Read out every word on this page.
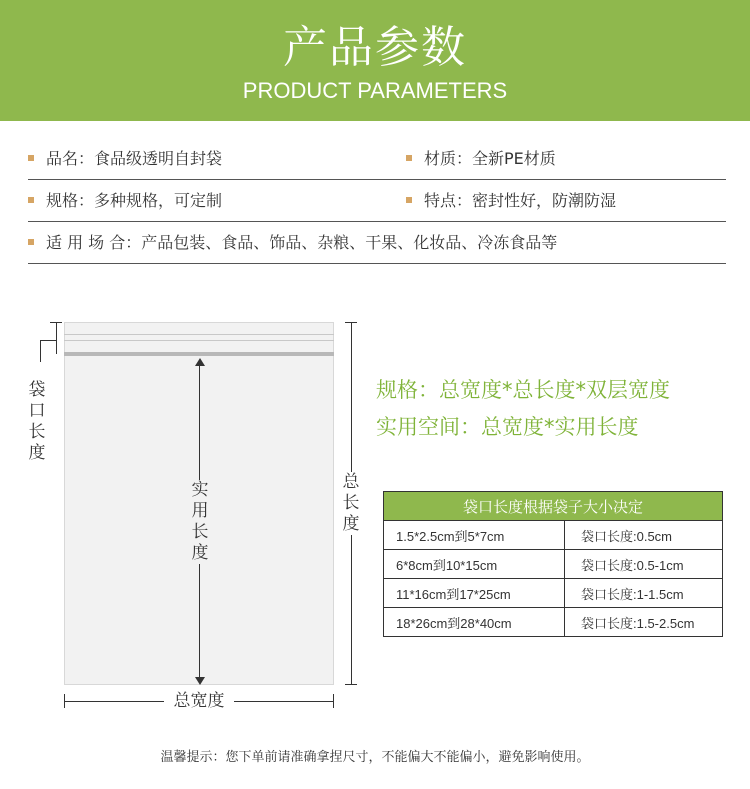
产品参数
PRODUCT PARAMETERS
品名：食品级透明自封袋	材质：全新PE材质
规格：多种规格，可定制	特点：密封性好，防潮防湿
适 用 场 合：产品包装、食品、饰品、杂粮、干果、化妆品、冷冻食品等
袋口长度
实用长度
总长度
总宽度
规格：总宽度*总长度*双层宽度
实用空间：总宽度*实用长度
袋口长度根据袋子大小决定	
1.5*2.5cm到5*7cm	袋口长度:0.5cm
6*8cm到10*15cm	袋口长度:0.5-1cm
11*16cm到17*25cm	袋口长度:1-1.5cm
18*26cm到28*40cm	袋口长度:1.5-2.5cm
温馨提示：您下单前请准确拿捏尺寸，不能偏大不能偏小，避免影响使用。
